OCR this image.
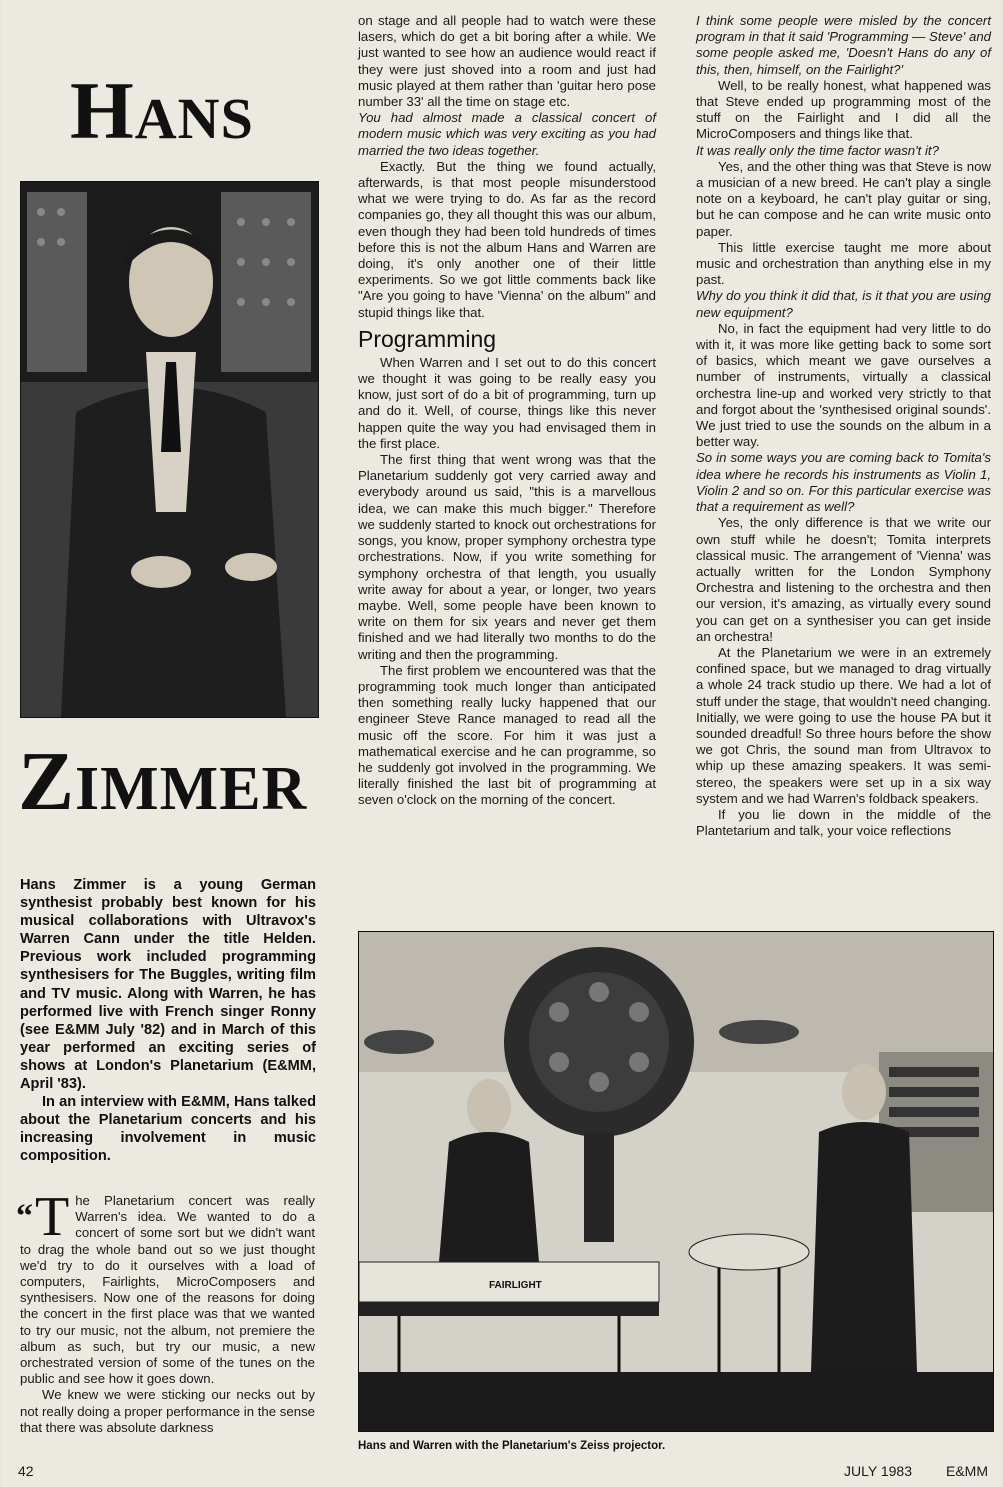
HANS
ZIMMER

Hans Zimmer is a young German synthesist probably best known for his musical collaborations with Ultravox's Warren Cann under the title Helden. Previous work included programming synthesisers for The Buggles, writing film and TV music. Along with Warren, he has performed live with French singer Ronny (see E&MM July '82) and in March of this year performed an exciting series of shows at London's Planetarium (E&MM, April '83).

In an interview with E&MM, Hans talked about the Planetarium concerts and his increasing involvement in music composition.

“T he Planetarium concert was really Warren's idea. We wanted to do a concert of some sort but we didn't want to drag the whole band out so we just thought we'd try to do it ourselves with a load of computers, Fairlights, MicroComposers and synthesisers. Now one of the reasons for doing the concert in the first place was that we wanted to try our music, not the album, not premiere the album as such, but try our music, a new orchestrated version of some of the tunes on the public and see how it goes down.

We knew we were sticking our necks out by not really doing a proper performance in the sense that there was absolute darkness

on stage and all people had to watch were these lasers, which do get a bit boring after a while. We just wanted to see how an audience would react if they were just shoved into a room and just had music played at them rather than 'guitar hero pose number 33' all the time on stage etc.

You had almost made a classical concert of modern music which was very exciting as you had married the two ideas together.

Exactly. But the thing we found actually, afterwards, is that most people misunderstood what we were trying to do. As far as the record companies go, they all thought this was our album, even though they had been told hundreds of times before this is not the album Hans and Warren are doing, it's only another one of their little experiments. So we got little comments back like "Are you going to have 'Vienna' on the album" and stupid things like that.

Programming

When Warren and I set out to do this concert we thought it was going to be really easy you know, just sort of do a bit of programming, turn up and do it. Well, of course, things like this never happen quite the way you had envisaged them in the first place.

The first thing that went wrong was that the Planetarium suddenly got very carried away and everybody around us said, "this is a marvellous idea, we can make this much bigger." Therefore we suddenly started to knock out orchestrations for songs, you know, proper symphony orchestra type orchestrations. Now, if you write something for symphony orchestra of that length, you usually write away for about a year, or longer, two years maybe. Well, some people have been known to write on them for six years and never get them finished and we had literally two months to do the writing and then the programming.

The first problem we encountered was that the programming took much longer than anticipated then something really lucky happened that our engineer Steve Rance managed to read all the music off the score. For him it was just a mathematical exercise and he can programme, so he suddenly got involved in the programming. We literally finished the last bit of programming at seven o'clock on the morning of the concert.

I think some people were misled by the concert program in that it said 'Programming — Steve' and some people asked me, 'Doesn't Hans do any of this, then, himself, on the Fairlight?'

Well, to be really honest, what happened was that Steve ended up programming most of the stuff on the Fairlight and I did all the MicroComposers and things like that.

It was really only the time factor wasn't it?

Yes, and the other thing was that Steve is now a musician of a new breed. He can't play a single note on a keyboard, he can't play guitar or sing, but he can compose and he can write music onto paper.

This little exercise taught me more about music and orchestration than anything else in my past.

Why do you think it did that, is it that you are using new equipment?

No, in fact the equipment had very little to do with it, it was more like getting back to some sort of basics, which meant we gave ourselves a number of instruments, virtually a classical orchestra line-up and worked very strictly to that and forgot about the 'synthesised original sounds'. We just tried to use the sounds on the album in a better way.

So in some ways you are coming back to Tomita's idea where he records his instruments as Violin 1, Violin 2 and so on. For this particular exercise was that a requirement as well?

Yes, the only difference is that we write our own stuff while he doesn't; Tomita interprets classical music. The arrangement of 'Vienna' was actually written for the London Symphony Orchestra and listening to the orchestra and then our version, it's amazing, as virtually every sound you can get on a synthesiser you can get inside an orchestra!

At the Planetarium we were in an extremely confined space, but we managed to drag virtually a whole 24 track studio up there. We had a lot of stuff under the stage, that wouldn't need changing. Initially, we were going to use the house PA but it sounded dreadful! So three hours before the show we got Chris, the sound man from Ultravox to whip up these amazing speakers. It was semi-stereo, the speakers were set up in a six way system and we had Warren's foldback speakers.

If you lie down in the middle of the Plantetarium and talk, your voice reflections

FAIRLIGHT
Hans and Warren with the Planetarium's Zeiss projector.
42	JULY 1983 E&MM
